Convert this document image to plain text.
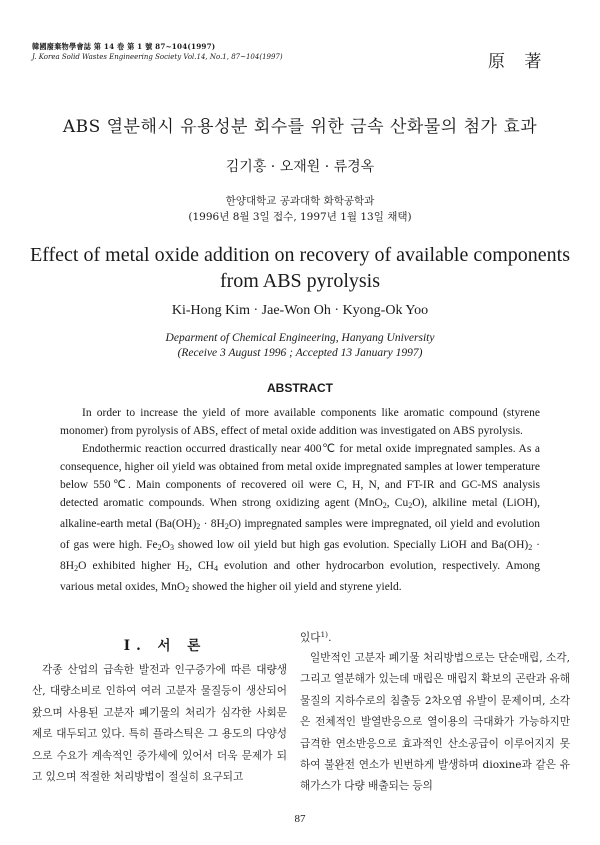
韓國廢棄物學會誌 第 14 卷 第 1 號 87~104(1997)
J. Korea Solid Wastes Engineering Society Vol.14, No.1, 87~104(1997)	原 著
ABS 열분해시 유용성분 회수를 위한 금속 산화물의 첨가 효과
김기홍 · 오재원 · 류경옥
한양대학교 공과대학 화학공학과
(1996년 8월 3일 접수, 1997년 1월 13일 채택)
Effect of metal oxide addition on recovery of available components
from ABS pyrolysis
Ki-Hong Kim · Jae-Won Oh · Kyong-Ok Yoo
Deparment of Chemical Engineering, Hanyang University
(Receive 3 August 1996 ; Accepted 13 January 1997)
ABSTRACT

In order to increase the yield of more available components like aromatic compound (styrene monomer) from pyrolysis of ABS, effect of metal oxide addition was investigated on ABS pyrolysis.

Endothermic reaction occurred drastically near 400℃ for metal oxide impregnated samples. As a consequence, higher oil yield was obtained from metal oxide impregnated samples at lower temperature below 550℃. Main components of recovered oil were C, H, N, and FT-IR and GC-MS analysis detected aromatic compounds. When strong oxidizing agent (MnO$_2$, $Cu_2O$), alkiline metal (LiOH), alkaline-earth metal $(Ba(OH)_2 \cdot 8H_2O)$ impregnated samples were impregnated, oil yield and evolution of gas were high. $Fe_2O_3$ showed low oil yield but high gas evolution. Specially LiOH and $Ba(OH)_2 \cdot 8H_2O$ exhibited higher $H_2$, $CH_4$ evolution and other hydrocarbon evolution, respectively. Among various metal oxides, MnO$_2$ showed the higher oil yield and styrene yield.

I. 서 론

각종 산업의 급속한 발전과 인구증가에 따른 대량생산, 대량소비로 인하여 여러 고분자 물질등이 생산되어 왔으며 사용된 고분자 폐기물의 처리가 심각한 사회문제로 대두되고 있다. 특히 플라스틱은 그 용도의 다양성으로 수요가 계속적인 증가세에 있어서 더욱 문제가 되고 있으며 적절한 처리방법이 절실히 요구되고

있다$^{1)}$.

일반적인 고분자 폐기물 처리방법으로는 단순매립, 소각, 그리고 열분해가 있는데 매립은 매립지 확보의 곤란과 유해물질의 지하수로의 침출등 2차오염 유발이 문제이며, 소각은 전체적인 발열반응으로 열이용의 극대화가 가능하지만 급격한 연소반응으로 효과적인 산소공급이 이루어지지 못하여 불완전 연소가 빈번하게 발생하며 dioxine과 같은 유해가스가 다량 배출되는 등의

87
